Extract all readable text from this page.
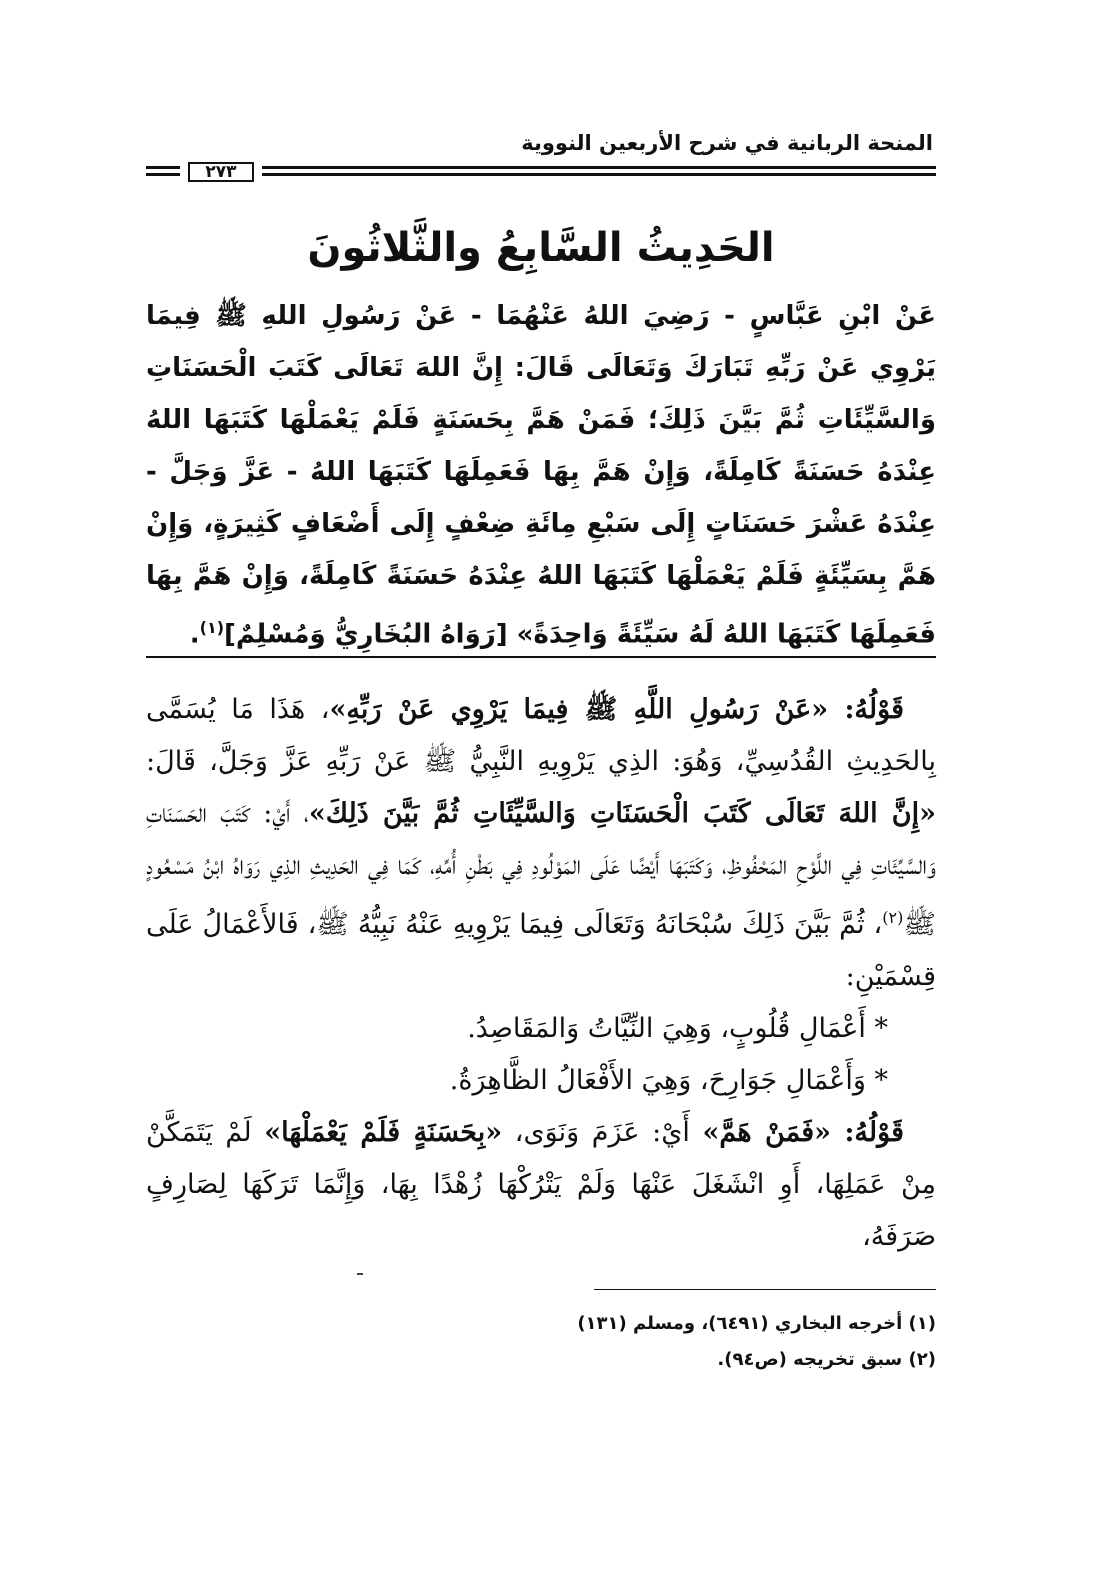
المنحة الربانية في شرح الأربعين النووية
٢٧٣
الحَدِيثُ السَّابِعُ والثَّلاثُونَ

عَنْ ابْنِ عَبَّاسٍ - رَضِيَ اللهُ عَنْهُمَا - عَنْ رَسُولِ اللهِ ﷺ فِيمَا يَرْوِي عَنْ رَبِّهِ تَبَارَكَ وَتَعَالَى قَالَ: إِنَّ اللهَ تَعَالَى كَتَبَ الْحَسَنَاتِ وَالسَّيِّئَاتِ ثُمَّ بَيَّنَ ذَلِكَ؛ فَمَنْ هَمَّ بِحَسَنَةٍ فَلَمْ يَعْمَلْهَا كَتَبَهَا اللهُ عِنْدَهُ حَسَنَةً كَامِلَةً، وَإِنْ هَمَّ بِهَا فَعَمِلَهَا كَتَبَهَا اللهُ - عَزَّ وَجَلَّ - عِنْدَهُ عَشْرَ حَسَنَاتٍ إِلَى سَبْعِ مِائَةِ ضِعْفٍ إِلَى أَضْعَافٍ كَثِيرَةٍ، وَإِنْ هَمَّ بِسَيِّئَةٍ فَلَمْ يَعْمَلْهَا كَتَبَهَا اللهُ عِنْدَهُ حَسَنَةً كَامِلَةً، وَإِنْ هَمَّ بِهَا فَعَمِلَهَا كَتَبَهَا اللهُ لَهُ سَيِّئَةً وَاحِدَةً» [رَوَاهُ البُخَارِيُّ وَمُسْلِمٌ]$^{(١)}$.

قَوْلُهُ: «عَنْ رَسُولِ اللَّهِ ﷺ فِيمَا يَرْوِي عَنْ رَبِّهِ»، هَذَا مَا يُسَمَّى بِالحَدِيثِ القُدُسِيِّ، وَهُوَ: الذِي يَرْوِيهِ النَّبِيُّ ﷺ عَنْ رَبِّهِ عَزَّ وَجَلَّ، قَالَ: «إِنَّ اللهَ تَعَالَى كَتَبَ الْحَسَنَاتِ وَالسَّيِّئَاتِ ثُمَّ بَيَّنَ ذَلِكَ»، أَيْ: كَتَبَ الحَسَنَاتِ وَالسَّيِّئَاتِ فِي اللَّوْحِ المَحْفُوظِ، وَكَتَبَهَا أَيْضًا عَلَى المَوْلُودِ فِي بَطْنِ أُمِّهِ، كَمَا فِي الحَدِيثِ الذِي رَوَاهُ ابْنُ مَسْعُودٍ ﷺ$^{(٢)}$، ثُمَّ بَيَّنَ ذَلِكَ سُبْحَانَهُ وَتَعَالَى فِيمَا يَرْوِيهِ عَنْهُ نَبِيُّهُ ﷺ، فَالأَعْمَالُ عَلَى قِسْمَيْنِ:

* أَعْمَالِ قُلُوبٍ، وَهِيَ النِّيَّاتُ وَالمَقَاصِدُ.

* وَأَعْمَالِ جَوَارِحَ، وَهِيَ الأَفْعَالُ الظَّاهِرَةُ.

قَوْلُهُ: «فَمَنْ هَمَّ» أَيْ: عَزَمَ وَنَوَى، «بِحَسَنَةٍ فَلَمْ يَعْمَلْهَا» لَمْ يَتَمَكَّنْ مِنْ عَمَلِهَا، أَوِ انْشَغَلَ عَنْهَا وَلَمْ يَتْرُكْهَا زُهْدًا بِهَا، وَإِنَّمَا تَرَكَهَا لِصَارِفٍ صَرَفَهُ،

(١) أخرجه البخاري (٦٤٩١)، ومسلم (١٣١)
(٢) سبق تخريجه (ص٩٤).
